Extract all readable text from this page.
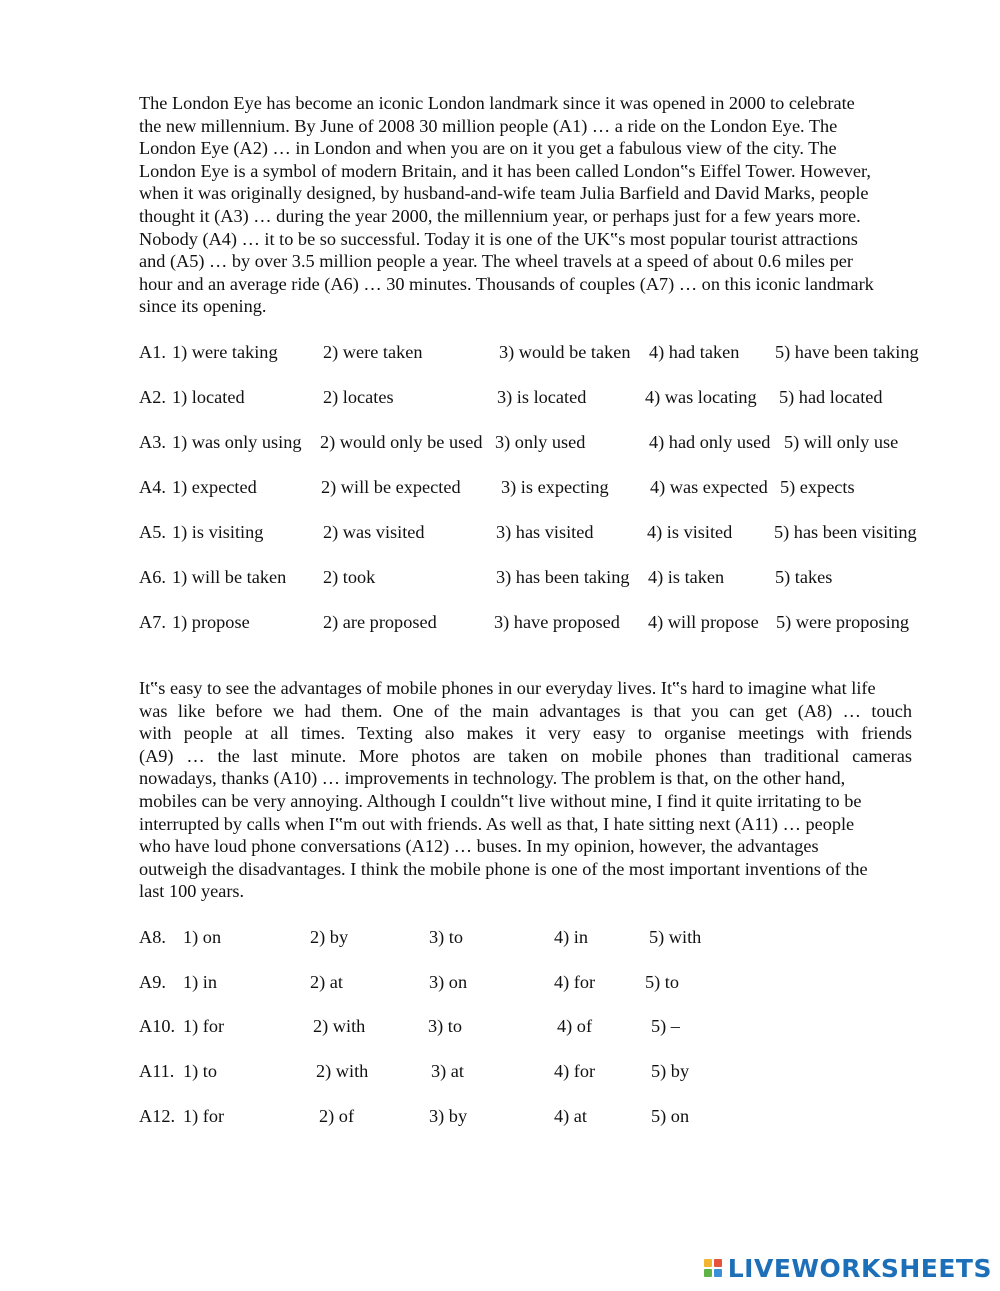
The London Eye has become an iconic London landmark since it was opened in 2000 to celebrate
the new millennium. By June of 2008 30 million people (A1) … a ride on the London Eye. The
London Eye (A2) … in London and when you are on it you get a fabulous view of the city. The
London Eye is a symbol of modern Britain, and it has been called London‟s Eiffel Tower. However,
when it was originally designed, by husband-and-wife team Julia Barfield and David Marks, people
thought it (A3) … during the year 2000, the millennium year, or perhaps just for a few years more.
Nobody (A4) … it to be so successful. Today it is one of the UK‟s most popular tourist attractions
and (A5) … by over 3.5 million people a year. The wheel travels at a speed of about 0.6 miles per
hour and an average ride (A6) … 30 minutes. Thousands of couples (A7) … on this iconic landmark
since its opening.
A1. 1) were taking 2) were taken	3) would be taken 4) had taken 5) have been taking
A2. 1) located	2) locates	3) is located	4) was locating 5) had located
A3. 1) was only using 2) would only be used 3) only used	4) had only used 5) will only use
A4. 1) expected	2) will be expected 3) is expecting 4) was expected 5) expects
A5. 1) is visiting	2) was visited	3) has visited	4) is visited 5) has been visiting
A6. 1) will be taken 2) took	3) has been taking 4) is taken	5) takes
A7. 1) propose	2) are proposed	3) have proposed 4) will propose 5) were proposing
It‟s easy to see the advantages of mobile phones in our everyday lives. It‟s hard to imagine what life
was like before we had them. One of the main advantages is that you can get (A8) … touch
with people at all times. Texting also makes it very easy to organise meetings with friends
(A9) … the last minute. More photos are taken on mobile phones than traditional cameras
nowadays, thanks (A10) … improvements in technology. The problem is that, on the other hand,
mobiles can be very annoying. Although I couldn‟t live without mine, I find it quite irritating to be
interrupted by calls when I‟m out with friends. As well as that, I hate sitting next (A11) … people
who have loud phone conversations (A12) … buses. In my opinion, however, the advantages
outweigh the disadvantages. I think the mobile phone is one of the most important inventions of the
last 100 years.
A8. 1) on	2) by	3) to	4) in	5) with
A9. 1) in	2) at	3) on	4) for	5) to
A10. 1) for	2) with	3) to	4) of	5) –
A11. 1) to	2) with	3) at	4) for	5) by
A12. 1) for	2) of	3) by	4) at	5) on
LIVEWORKSHEETS
